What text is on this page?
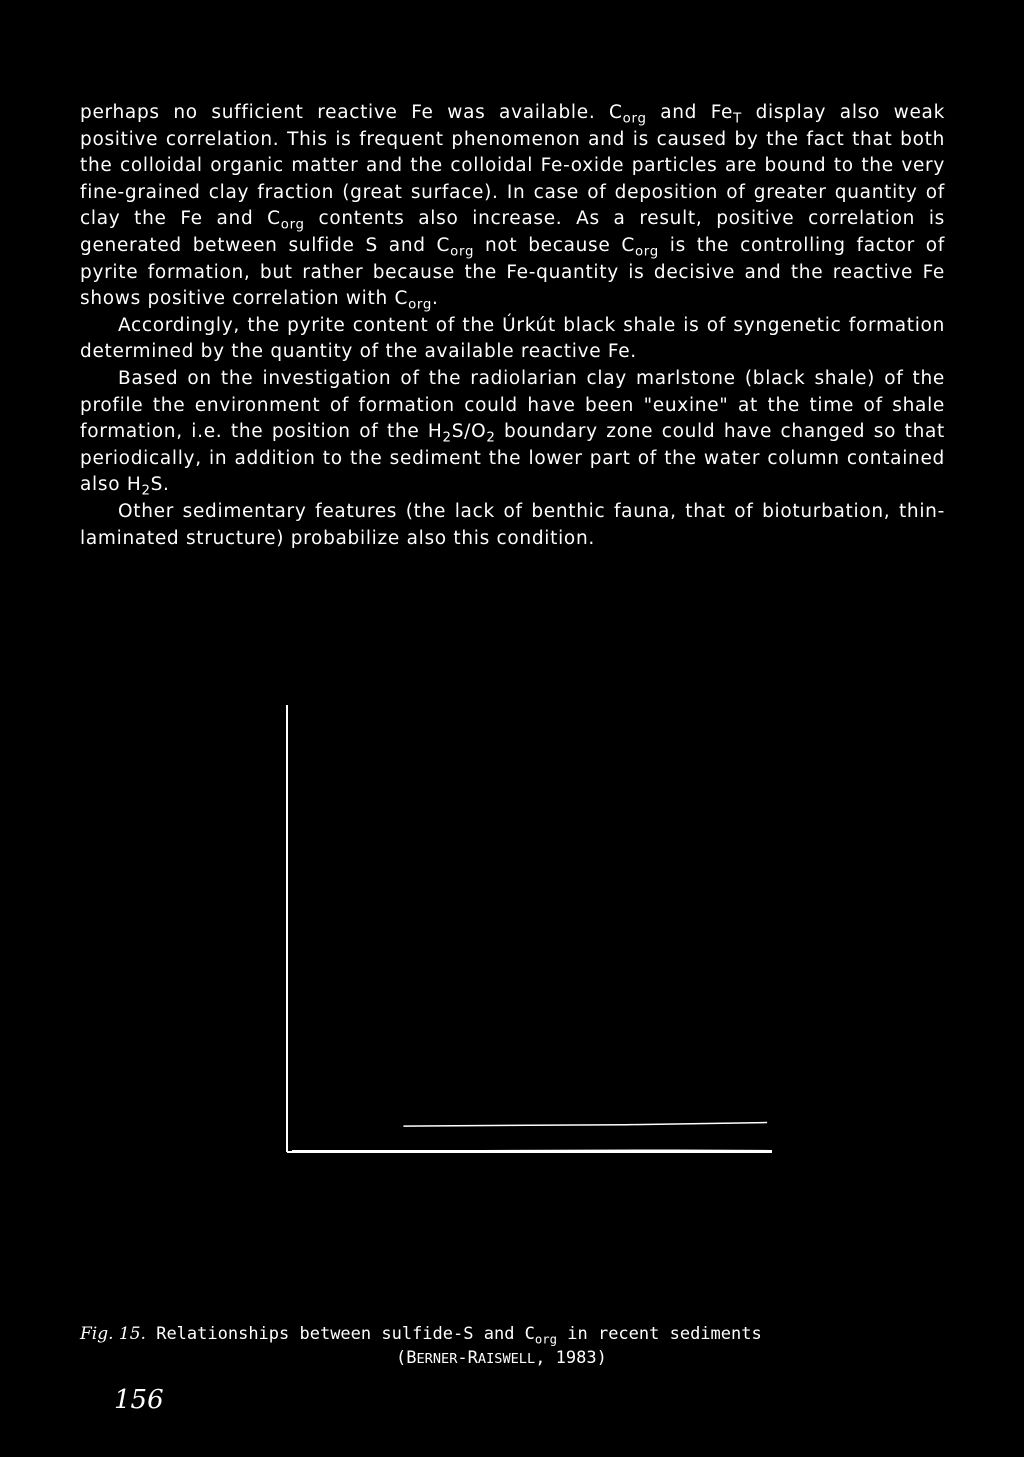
perhaps no sufficient reactive Fe was available. $C_{org}$ and $Fe_T$ display also weak positive correlation. This is frequent phenomenon and is caused by the fact that both the colloidal organic matter and the colloidal Fe-oxide particles are bound to the very fine-grained clay fraction (great surface). In case of deposition of greater quantity of clay the Fe and $C_{org}$ contents also increase. As a result, positive correlation is generated between sulfide S and $C_{org}$ not because $C_{org}$ is the controlling factor of pyrite formation, but rather because the Fe-quantity is decisive and the reactive Fe shows positive correlation with $C_{org}$.

Accordingly, the pyrite content of the Úrkút black shale is of syngenetic formation determined by the quantity of the available reactive Fe.

Based on the investigation of the radiolarian clay marlstone (black shale) of the profile the environment of formation could have been "euxine" at the time of shale formation, i.e. the position of the $H_2S/O_2$ boundary zone could have changed so that periodically, in addition to the sediment the lower part of the water column contained also $H_2S$.

Other sedimentary features (the lack of benthic fauna, that of bioturbation, thin-laminated structure) probabilize also this condition.

Fig. 15. Relationships between sulfide-S and $C_{org}$ in recent sediments
(BERNER-RAISWELL, 1983)
156
